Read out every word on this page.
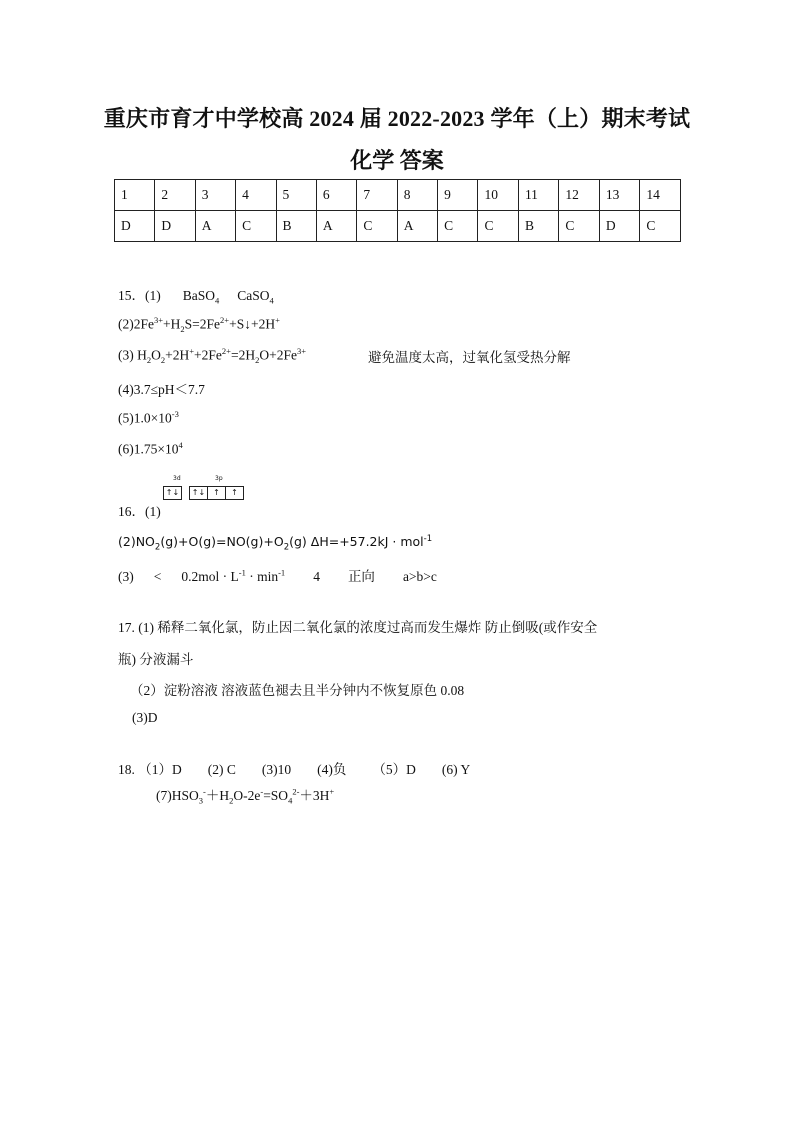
重庆市育才中学校高 2024 届 2022-2023 学年（上）期末考试
化学 答案
1	2	3	4	5	6	7	8	9	10	11	12	13	14
D	D	A	C	B	A	C	A	C	C	B	C	D	C
15．(1) BaSO$_4$ CaSO$_4$
$(2)2Fe^{3+}+H_2S=2Fe^{2+}+S↓+2H^+$
(3) $H_2O_2+2H^++2Fe^{2+}=2H_2O+2Fe^{3+}$	避免温度太高，过氧化氢受热分解
(4)3.7≤pH＜7.7
$(5)1.0\times 10^{-3}$
$(6)1.75\times 10^4$
16．(1)
3d	3p
↑↓	↑↓ ↑	↑
$(2)NO_2(g)+O(g)=NO(g)+O_2(g) \Delta H=+57.2kJ \cdot mol^{-1}$
$(3) < 0.2mol \cdot L^{-1} \cdot \min^{-1} 4$ 正向 a>b>c
17. (1) 稀释二氧化氯，防止因二氧化氯的浓度过高而发生爆炸 防止倒吸(或作安全
瓶) 分液漏斗
（2）淀粉溶液 溶液蓝色褪去且半分钟内不恢复原色 0.08
(3)D
18. （1）D (2) C (3)10 (4)负 （5）D (6) Y
$(7)HSO_3^-+H_2O-2e^-=SO_4^{2-}+3H^+$
